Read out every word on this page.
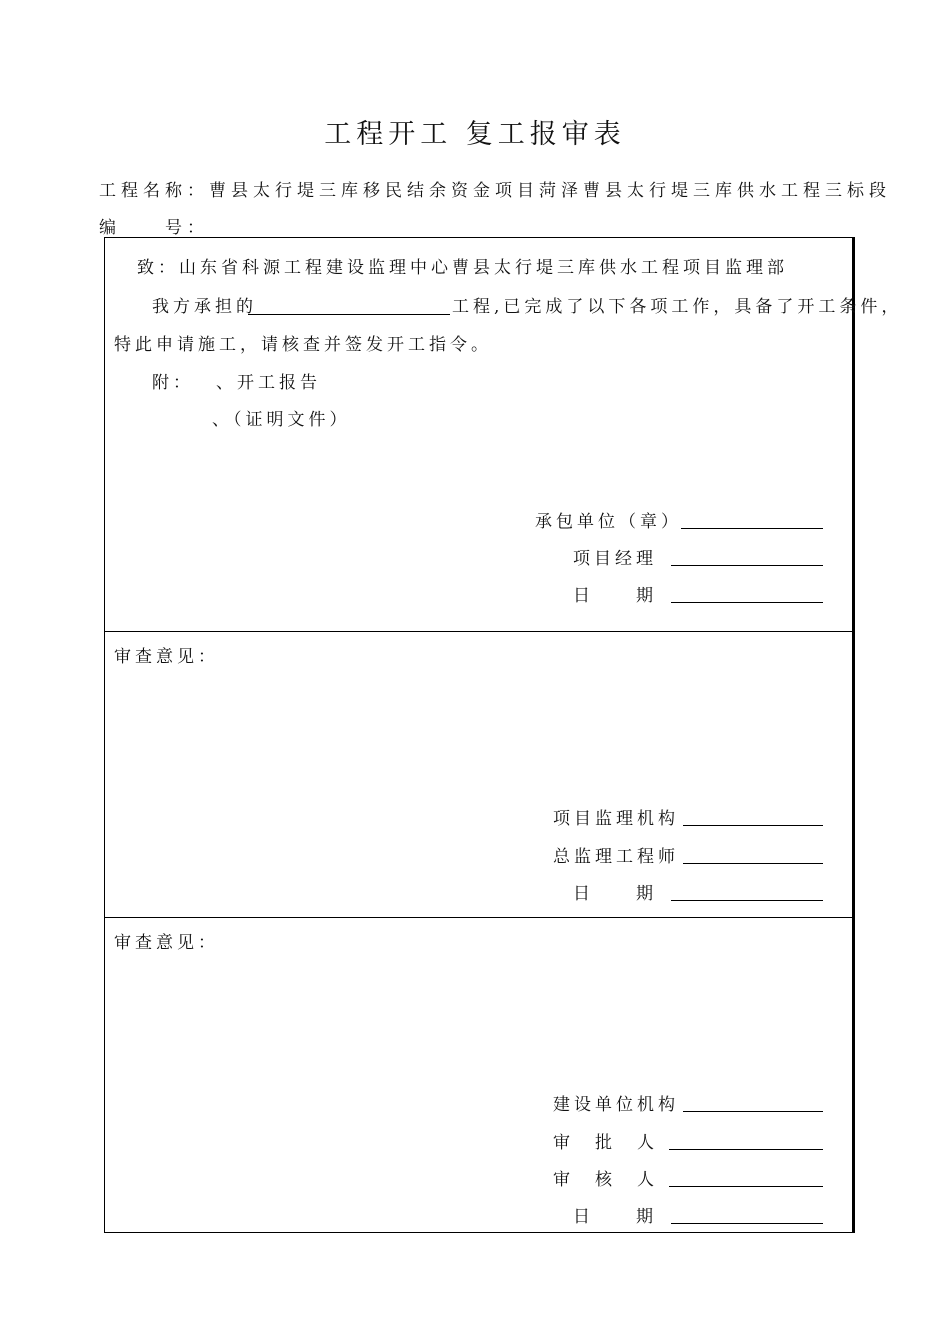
工程开工 复工报审表
工程名称：曹县太行堤三库移民结余资金项目菏泽曹县太行堤三库供水工程三标段
编　　号：
致：山东省科源工程建设监理中心曹县太行堤三库供水工程项目监理部
我方承担的	工程,已完成了以下各项工作，具备了开工条件，
特此申请施工，请核查并签发开工指令。
附： 、开工报告
、（证明文件）
承包单位（章）
项目经理
日　　期
审查意见：
项目监理机构
总监理工程师
日　　期
审查意见：
建设单位机构
审　批　人
审　核　人
日　　期
